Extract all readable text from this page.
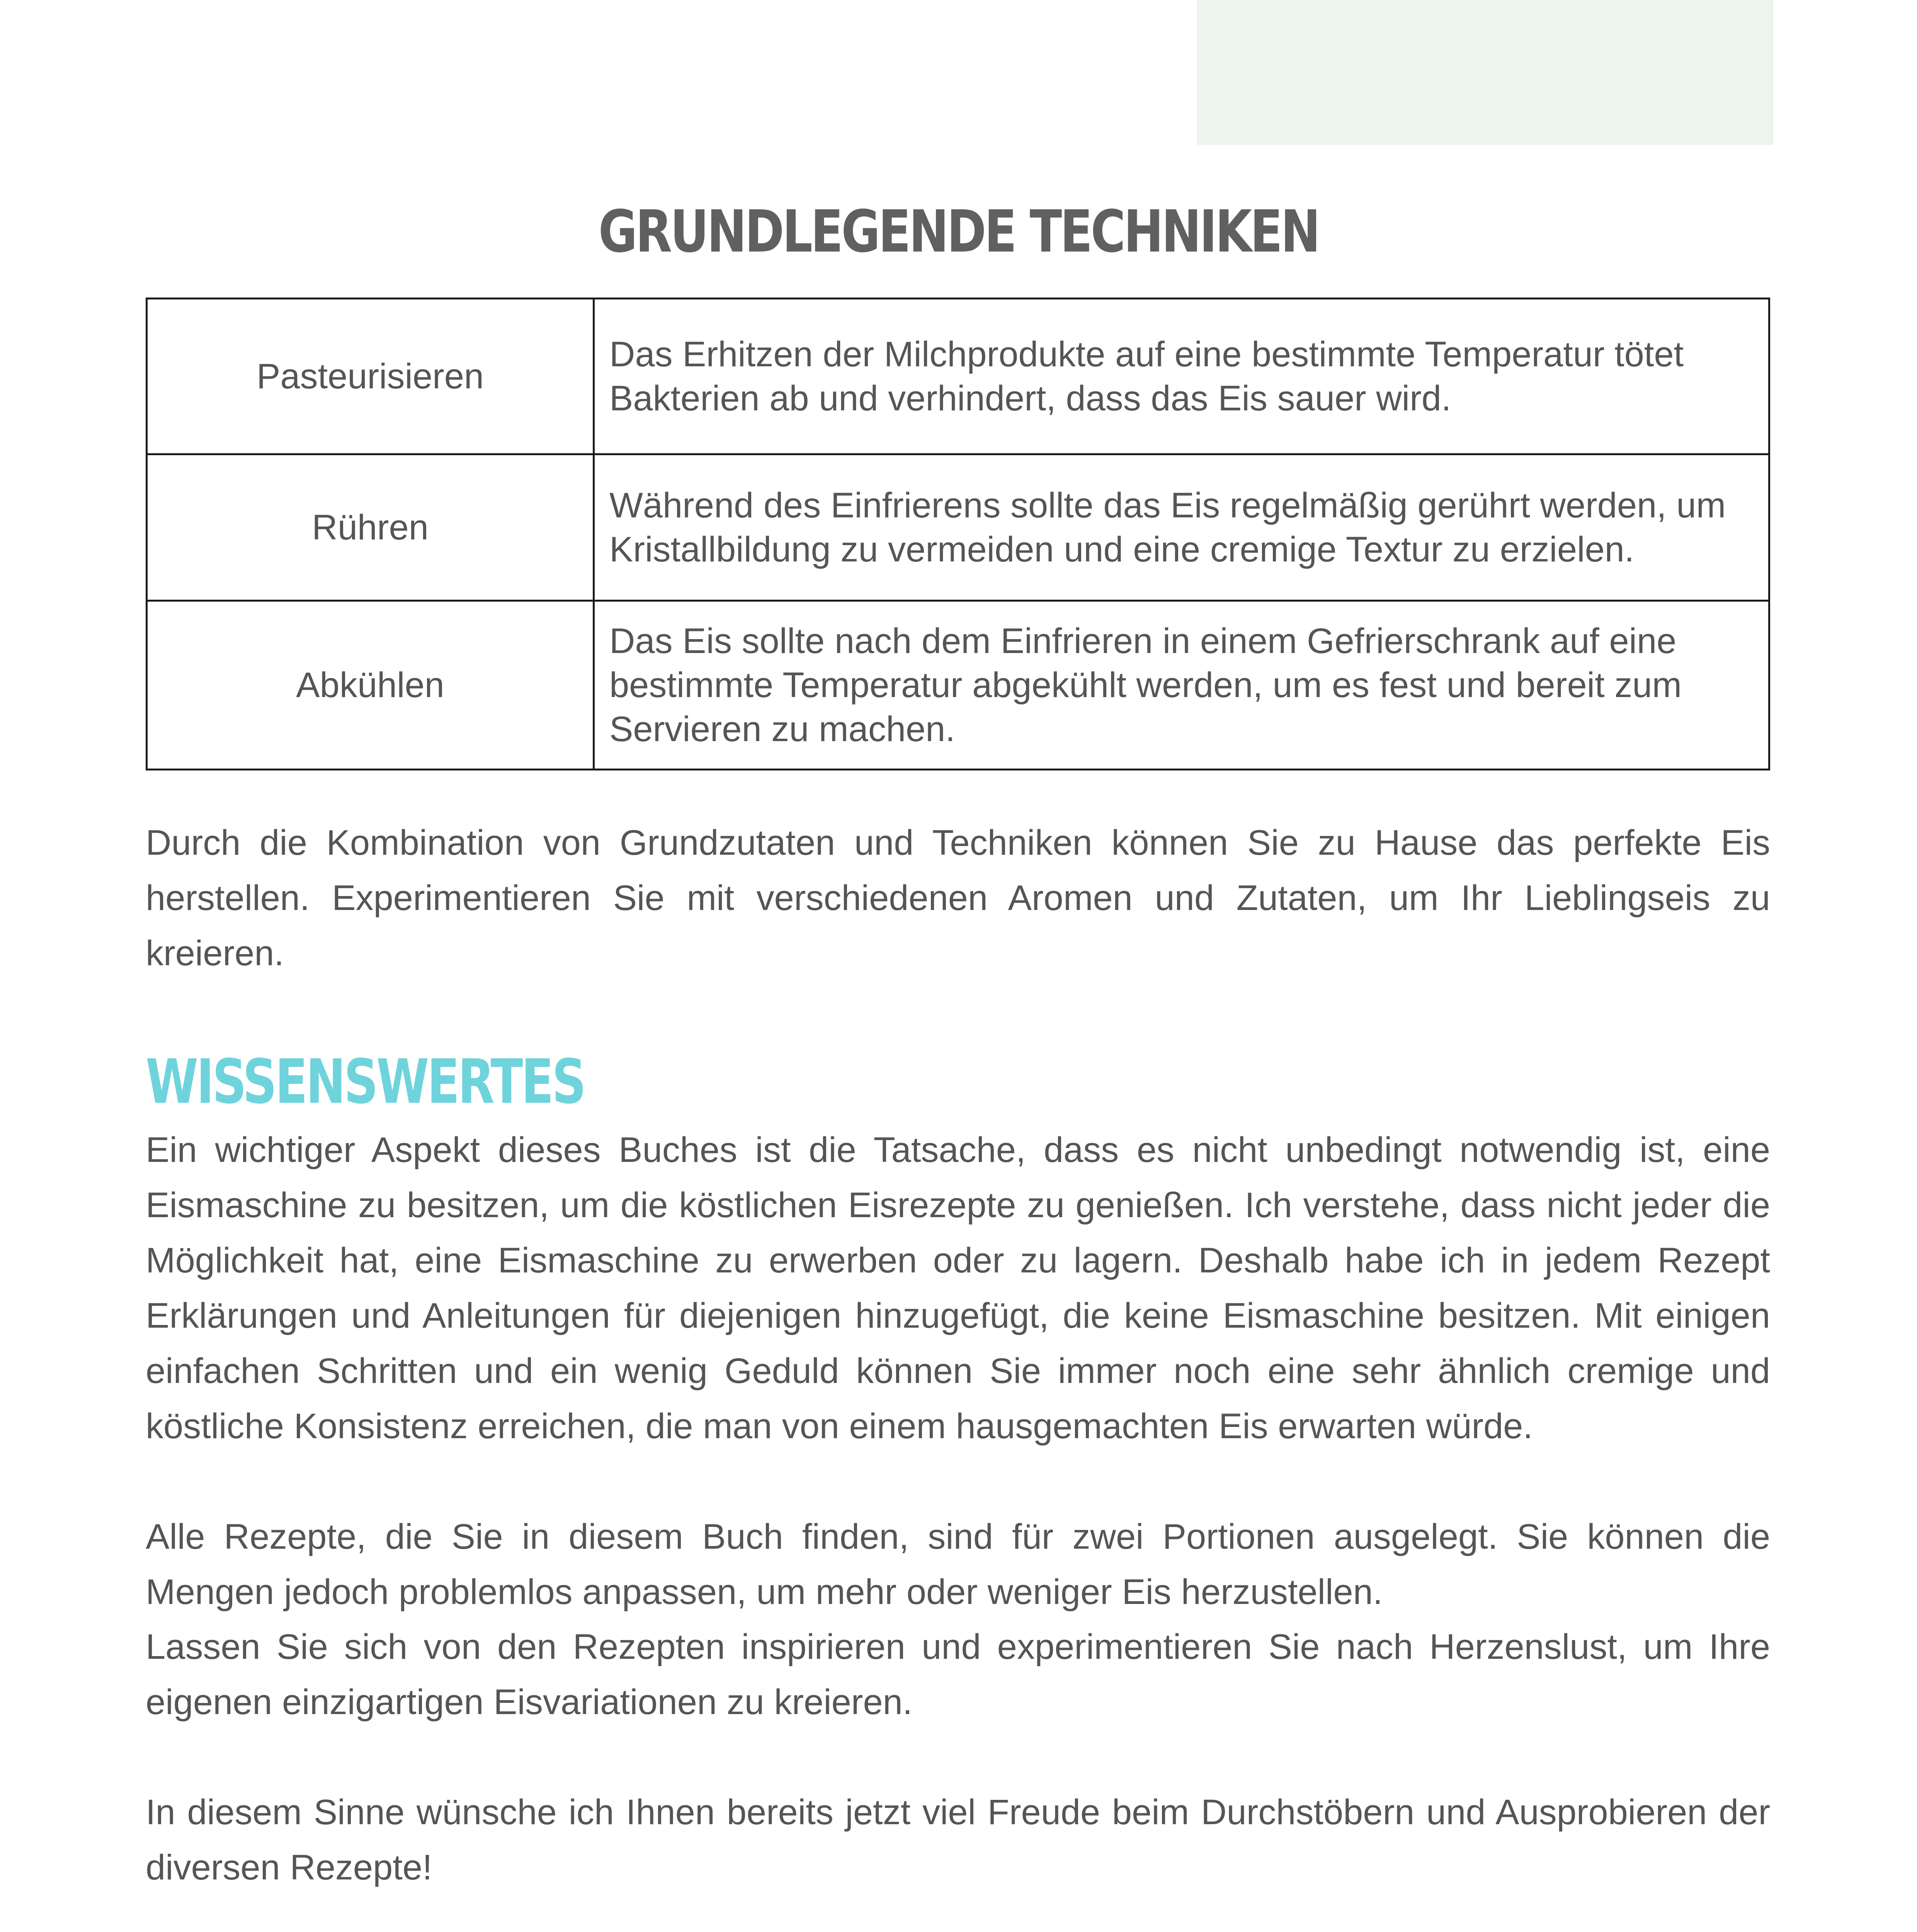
GRUNDLEGENDE TECHNIKEN
Pasteurisieren	Das Erhitzen der Milchprodukte auf eine bestimmte Temperatur tötet Bakterien ab und verhindert, dass das Eis sauer wird.
Rühren	Während des Einfrierens sollte das Eis regelmäßig gerührt werden, um Kristallbildung zu vermeiden und eine cremige Textur zu erzielen.
Abkühlen	Das Eis sollte nach dem Einfrieren in einem Gefrierschrank auf eine bestimmte Temperatur abgekühlt werden, um es fest und bereit zum Servieren zu machen.

Durch die Kombination von Grundzutaten und Techniken können Sie zu Hause das perfekte Eis herstellen. Experimentieren Sie mit verschiedenen Aromen und Zutaten, um Ihr Lieblingseis zu kreieren.

WISSENSWERTES

Ein wichtiger Aspekt dieses Buches ist die Tatsache, dass es nicht unbedingt notwendig ist, eine Eismaschine zu besitzen, um die köstlichen Eisrezepte zu genießen. Ich verstehe, dass nicht jeder die Möglichkeit hat, eine Eismaschine zu erwerben oder zu lagern. Deshalb habe ich in jedem Rezept Erklärungen und Anleitungen für diejenigen hinzugefügt, die keine Eismaschine besitzen. Mit einigen einfachen Schritten und ein wenig Geduld können Sie immer noch eine sehr ähnlich cremige und köstliche Konsistenz erreichen, die man von einem hausgemachten Eis erwarten würde.

Alle Rezepte, die Sie in diesem Buch finden, sind für zwei Portionen ausgelegt. Sie können die Mengen jedoch problemlos anpassen, um mehr oder weniger Eis herzustellen.

Lassen Sie sich von den Rezepten inspirieren und experimentieren Sie nach Herzenslust, um Ihre eigenen einzigartigen Eisvariationen zu kreieren.

In diesem Sinne wünsche ich Ihnen bereits jetzt viel Freude beim Durchstöbern und Ausprobieren der diversen Rezepte!
